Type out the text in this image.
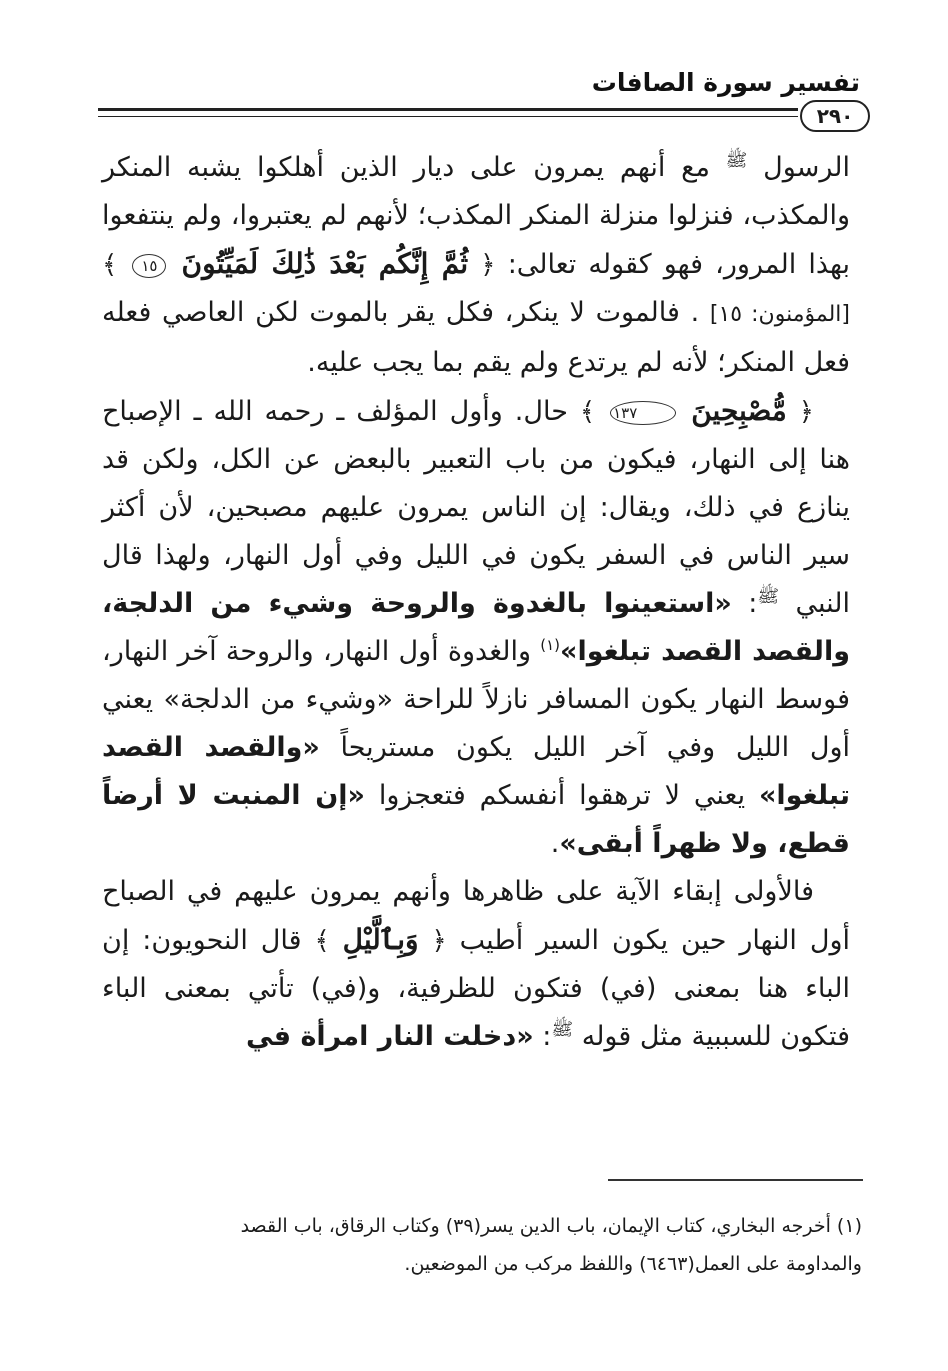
تفسير سورة الصافات
٢٩٠

الرسول $^ﷺ$ مع أنهم يمرون على ديار الذين أهلكوا يشبه المنكر والمكذب، فنزلوا منزلة المنكر المكذب؛ لأنهم لم يعتبروا، ولم ينتفعوا بهذا المرور، فهو كقوله تعالى: ﴿ ثُمَّ إِنَّكُم بَعْدَ ذَٰلِكَ لَمَيِّتُونَ ١٥ ﴾ [المؤمنون: ١٥] . فالموت لا ينكر، فكل يقر بالموت لكن العاصي فعله فعل المنكر؛ لأنه لم يرتدع ولم يقم بما يجب عليه.

﴿ مُّصْبِحِينَ ١٣٧ ﴾ حال. وأول المؤلف ـ رحمه الله ـ الإصباح هنا إلى النهار، فيكون من باب التعبير بالبعض عن الكل، ولكن قد ينازع في ذلك، ويقال: إن الناس يمرون عليهم مصبحين، لأن أكثر سير الناس في السفر يكون في الليل وفي أول النهار، ولهذا قال النبي $^ﷺ$: «استعينوا بالغدوة والروحة وشيء من الدلجة، والقصد القصد تبلغوا»$^{(١)}$ والغدوة أول النهار، والروحة آخر النهار، فوسط النهار يكون المسافر نازلاً للراحة «وشيء من الدلجة» يعني أول الليل وفي آخر الليل يكون مستريحاً «والقصد القصد تبلغوا» يعني لا ترهقوا أنفسكم فتعجزوا «إن المنبت لا أرضاً قطع، ولا ظهراً أبقى».

فالأولى إبقاء الآية على ظاهرها وأنهم يمرون عليهم في الصباح أول النهار حين يكون السير أطيب ﴿ وَبِٱلَّيْلِ ﴾ قال النحويون: إن الباء هنا بمعنى (في) فتكون للظرفية، و(في) تأتي بمعنى الباء فتكون للسببية مثل قوله $^ﷺ$: «دخلت النار امرأة في

(١) أخرجه البخاري، كتاب الإيمان، باب الدين يسر(٣٩) وكتاب الرقاق، باب القصد

والمداومة على العمل(٦٤٦٣) واللفظ مركب من الموضعين.
